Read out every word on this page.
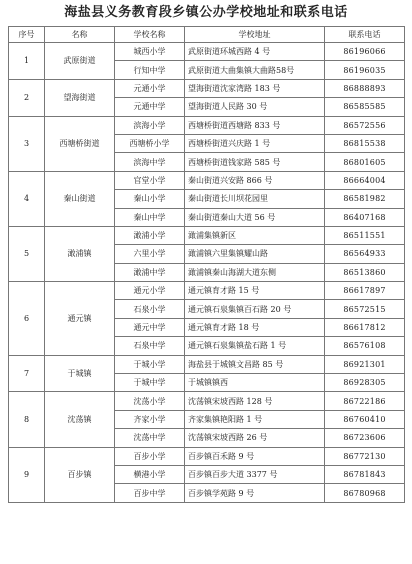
海盐县义务教育段乡镇公办学校地址和联系电话
序号	名称	学校名称	学校地址	联系电话
1	武原街道	城西小学	武原街道环城西路 4 号	86196066
		行知中学	武原街道大曲集镇大曲路58号	86196035
2	望海街道	元通小学	望海街道沈家湾路 183 号	86888893
		元通中学	望海街道人民路 30 号	86585585
3	西塘桥街道	滨海小学	西塘桥街道西塘路 833 号	86572556
		西塘桥小学	西塘桥街道兴庆路 1 号	86815538
		滨海中学	西塘桥街道钱家路 585 号	86801605
4	秦山街道	官堂小学	秦山街道兴安路 866 号	86664004
		秦山小学	秦山街道长川坝花园里	86581982
		秦山中学	秦山街道秦山大道 56 号	86407168
5	澉浦镇	澉浦小学	澉浦集镇新区	86511551
		六里小学	澉浦镇六里集镇耀山路	86564933
		澉浦中学	澉浦镇秦山海湖大道东侧	86513860
6	通元镇	通元小学	通元镇育才路 15 号	86617897
		石泉小学	通元镇石泉集镇百石路 20 号	86572515
		通元中学	通元镇育才路 18 号	86617812
		石泉中学	通元镇石泉集镇盐石路 1 号	86576108
7	于城镇	于城小学	海盐县于城镇文昌路 85 号	86921301
		于城中学	于城镇镇西	86928305
8	沈荡镇	沈荡小学	沈荡镇宋坡西路 128 号	86722186
		齐家小学	齐家集镇艳阳路 1 号	86760410
		沈荡中学	沈荡镇宋坡西路 26 号	86723606
9	百步镇	百步小学	百步镇百禾路 9 号	86772130
		横港小学	百步镇百步大道 3377 号	86781843
		百步中学	百步镇学苑路 9 号	86780968
